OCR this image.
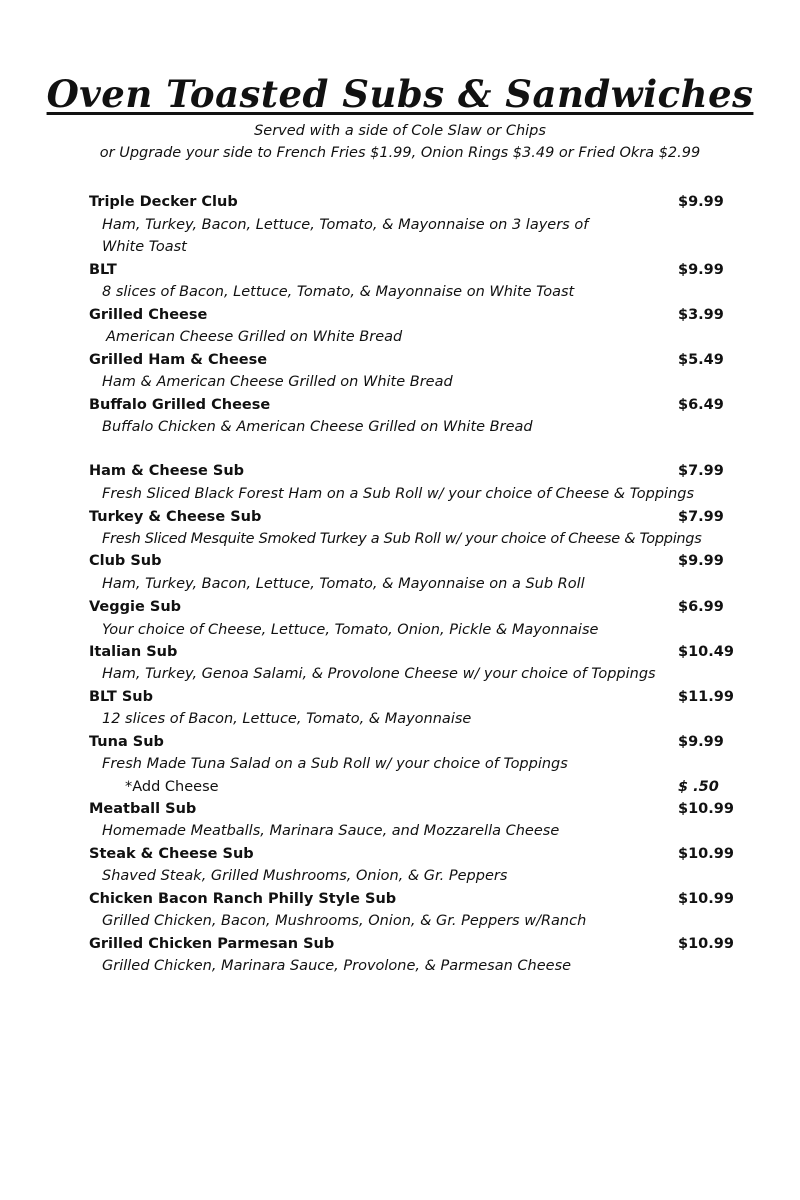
Oven Toasted Subs & Sandwiches

Served with a side of Cole Slaw or Chips

or Upgrade your side to French Fries $1.99, Onion Rings $3.49 or Fried Okra $2.99

Triple Decker Club	$9.99
Ham, Turkey, Bacon, Lettuce, Tomato, & Mayonnaise on 3 layers of
White Toast
BLT	$9.99
8 slices of Bacon, Lettuce, Tomato, & Mayonnaise on White Toast
Grilled Cheese	$3.99
American Cheese Grilled on White Bread
Grilled Ham & Cheese	$5.49
Ham & American Cheese Grilled on White Bread
Buffalo Grilled Cheese	$6.49
Buffalo Chicken & American Cheese Grilled on White Bread
Ham & Cheese Sub	$7.99
Fresh Sliced Black Forest Ham on a Sub Roll w/ your choice of Cheese & Toppings
Turkey & Cheese Sub	$7.99
Fresh Sliced Mesquite Smoked Turkey a Sub Roll w/ your choice of Cheese & Toppings
Club Sub	$9.99
Ham, Turkey, Bacon, Lettuce, Tomato, & Mayonnaise on a Sub Roll
Veggie Sub	$6.99
Your choice of Cheese, Lettuce, Tomato, Onion, Pickle & Mayonnaise
Italian Sub	$10.49
Ham, Turkey, Genoa Salami, & Provolone Cheese w/ your choice of Toppings
BLT Sub	$11.99
12 slices of Bacon, Lettuce, Tomato, & Mayonnaise
Tuna Sub	$9.99
Fresh Made Tuna Salad on a Sub Roll w/ your choice of Toppings
*Add Cheese	$ .50
Meatball Sub	$10.99
Homemade Meatballs, Marinara Sauce, and Mozzarella Cheese
Steak & Cheese Sub	$10.99
Shaved Steak, Grilled Mushrooms, Onion, & Gr. Peppers
Chicken Bacon Ranch Philly Style Sub	$10.99
Grilled Chicken, Bacon, Mushrooms, Onion, & Gr. Peppers w/Ranch
Grilled Chicken Parmesan Sub	$10.99
Grilled Chicken, Marinara Sauce, Provolone, & Parmesan Cheese
